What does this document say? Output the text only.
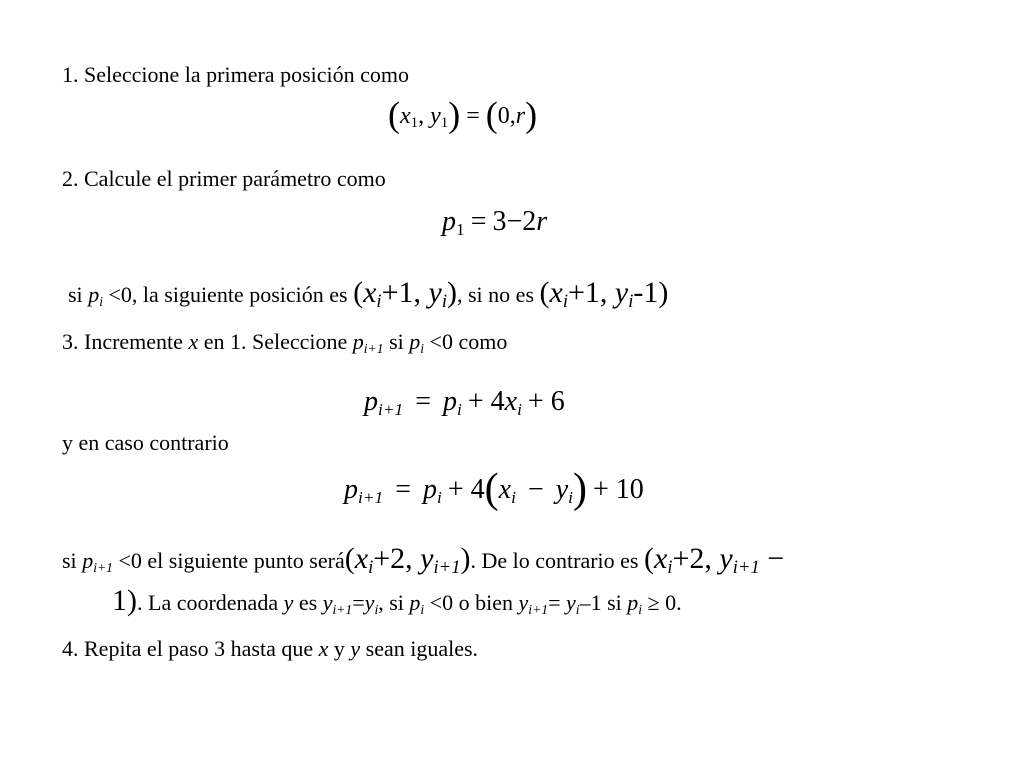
1. Seleccione la primera posición como
($x_1$, $y_1) = (0,r)$
2. Calcule el primer parámetro como
$p_1 = 3-2r$
si $p_i <0$, la siguiente posición es ($x_i+1$, $y_i$), si no es ($x_i+1$, $y_i-1$)
3. Incremente x en 1. Seleccione $p_{i+1}$ si $p_i <0$ como
$p_{i+1} = p_i + 4x_i + 6$
y en caso contrario
$p_{i+1} = p_i + 4(x_i - y_i) + 10$
si $p_{i+1} <0$ el siguiente punto $será(x_i+2$, $y_{i+1}$). De lo contrario es ($x_i+2$, $y_{i+1}$ −
1). La coordenada y es $y_{i+1}=y_i$, si $p_i <0$ o bien $y_{i+1}= y_i-1$ si $p_i \ge 0$.
4. Repita el paso 3 hasta que x y y sean iguales.
